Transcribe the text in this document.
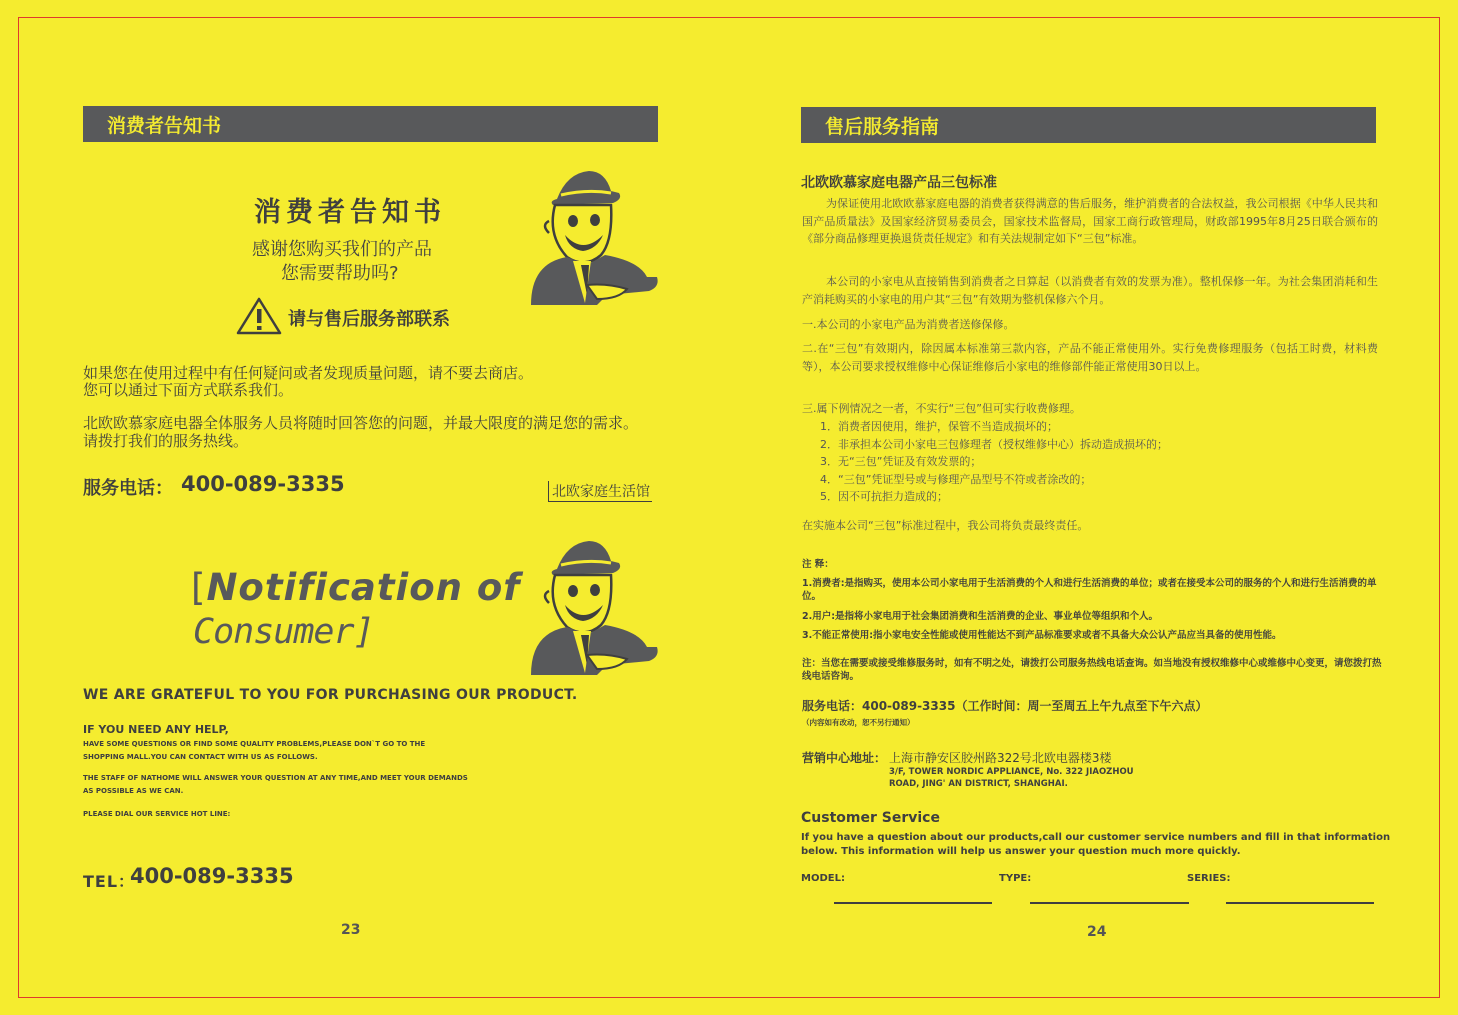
消费者告知书
消费者告知书
感谢您购买我们的产品
您需要帮助吗?
请与售后服务部联系
如果您在使用过程中有任何疑问或者发现质量问题，请不要去商店。
您可以通过下面方式联系我们。
北欧欧慕家庭电器全体服务人员将随时回答您的问题，并最大限度的满足您的需求。
请拨打我们的服务热线。
服务电话： 400-089-3335	北欧家庭生活馆
[Notification of
Consumer]
WE ARE GRATEFUL TO YOU FOR PURCHASING OUR PRODUCT.
IF YOU NEED ANY HELP,
HAVE SOME QUESTIONS OR FIND SOME QUALITY PROBLEMS,PLEASE DON`T GO TO THE
SHOPPING MALL.YOU CAN CONTACT WITH US AS FOLLOWS.
THE STAFF OF NATHOME WILL ANSWER YOUR QUESTION AT ANY TIME,AND MEET YOUR DEMANDS
AS POSSIBLE AS WE CAN.
PLEASE DIAL OUR SERVICE HOT LINE:
TEL：
400-089-3335
23
售后服务指南
北欧欧慕家庭电器产品三包标准
为保证使用北欧欧慕家庭电器的消费者获得满意的售后服务，维护消费者的合法权益，我公司根据《中华人民共和国产品质量法》及国家经济贸易委员会，国家技术监督局，国家工商行政管理局，财政部1995年8月25日联合颁布的《部分商品修理更换退货责任规定》和有关法规制定如下“三包”标准。
本公司的小家电从直接销售到消费者之日算起（以消费者有效的发票为准）。整机保修一年。为社会集团消耗和生产消耗购买的小家电的用户其“三包”有效期为整机保修六个月。
一.本公司的小家电产品为消费者送修保修。
二.在“三包”有效期内，除因属本标准第三款内容，产品不能正常使用外。实行免费修理服务（包括工时费，材料费等），本公司要求授权维修中心保证维修后小家电的维修部件能正常使用30日以上。
三.属下例情况之一者，不实行“三包”但可实行收费修理。
1．消费者因使用，维护，保管不当造成损坏的；
2．非承担本公司小家电三包修理者（授权维修中心）拆动造成损坏的；
3．无“三包”凭证及有效发票的；
4．“三包”凭证型号或与修理产品型号不符或者涂改的；
5．因不可抗拒力造成的；
在实施本公司“三包”标准过程中，我公司将负责最终责任。
注 释：
1.消费者:是指购买，使用本公司小家电用于生活消费的个人和进行生活消费的单位；或者在接受本公司的服务的个人和进行生活消费的单位。
2.用户:是指将小家电用于社会集团消费和生活消费的企业、事业单位等组织和个人。
3.不能正常使用:指小家电安全性能或使用性能达不到产品标准要求或者不具备大众公认产品应当具备的使用性能。
注：当您在需要或接受维修服务时，如有不明之处，请拨打公司服务热线电话查询。如当地没有授权维修中心或维修中心变更，请您拨打热线电话咨询。
服务电话：400-089-3335（工作时间：周一至周五上午九点至下午六点）
（内容如有改动，恕不另行通知）
营销中心地址： 上海市静安区胶州路322号北欧电器楼3楼
3/F, TOWER NORDIC APPLIANCE, No. 322 JIAOZHOU
ROAD, JING' AN DISTRICT, SHANGHAI.
Customer Service
If you have a question about our products,call our customer service numbers and fill in that information
below. This information will help us answer your question much more quickly.
MODEL:	TYPE:	SERIES:
24
